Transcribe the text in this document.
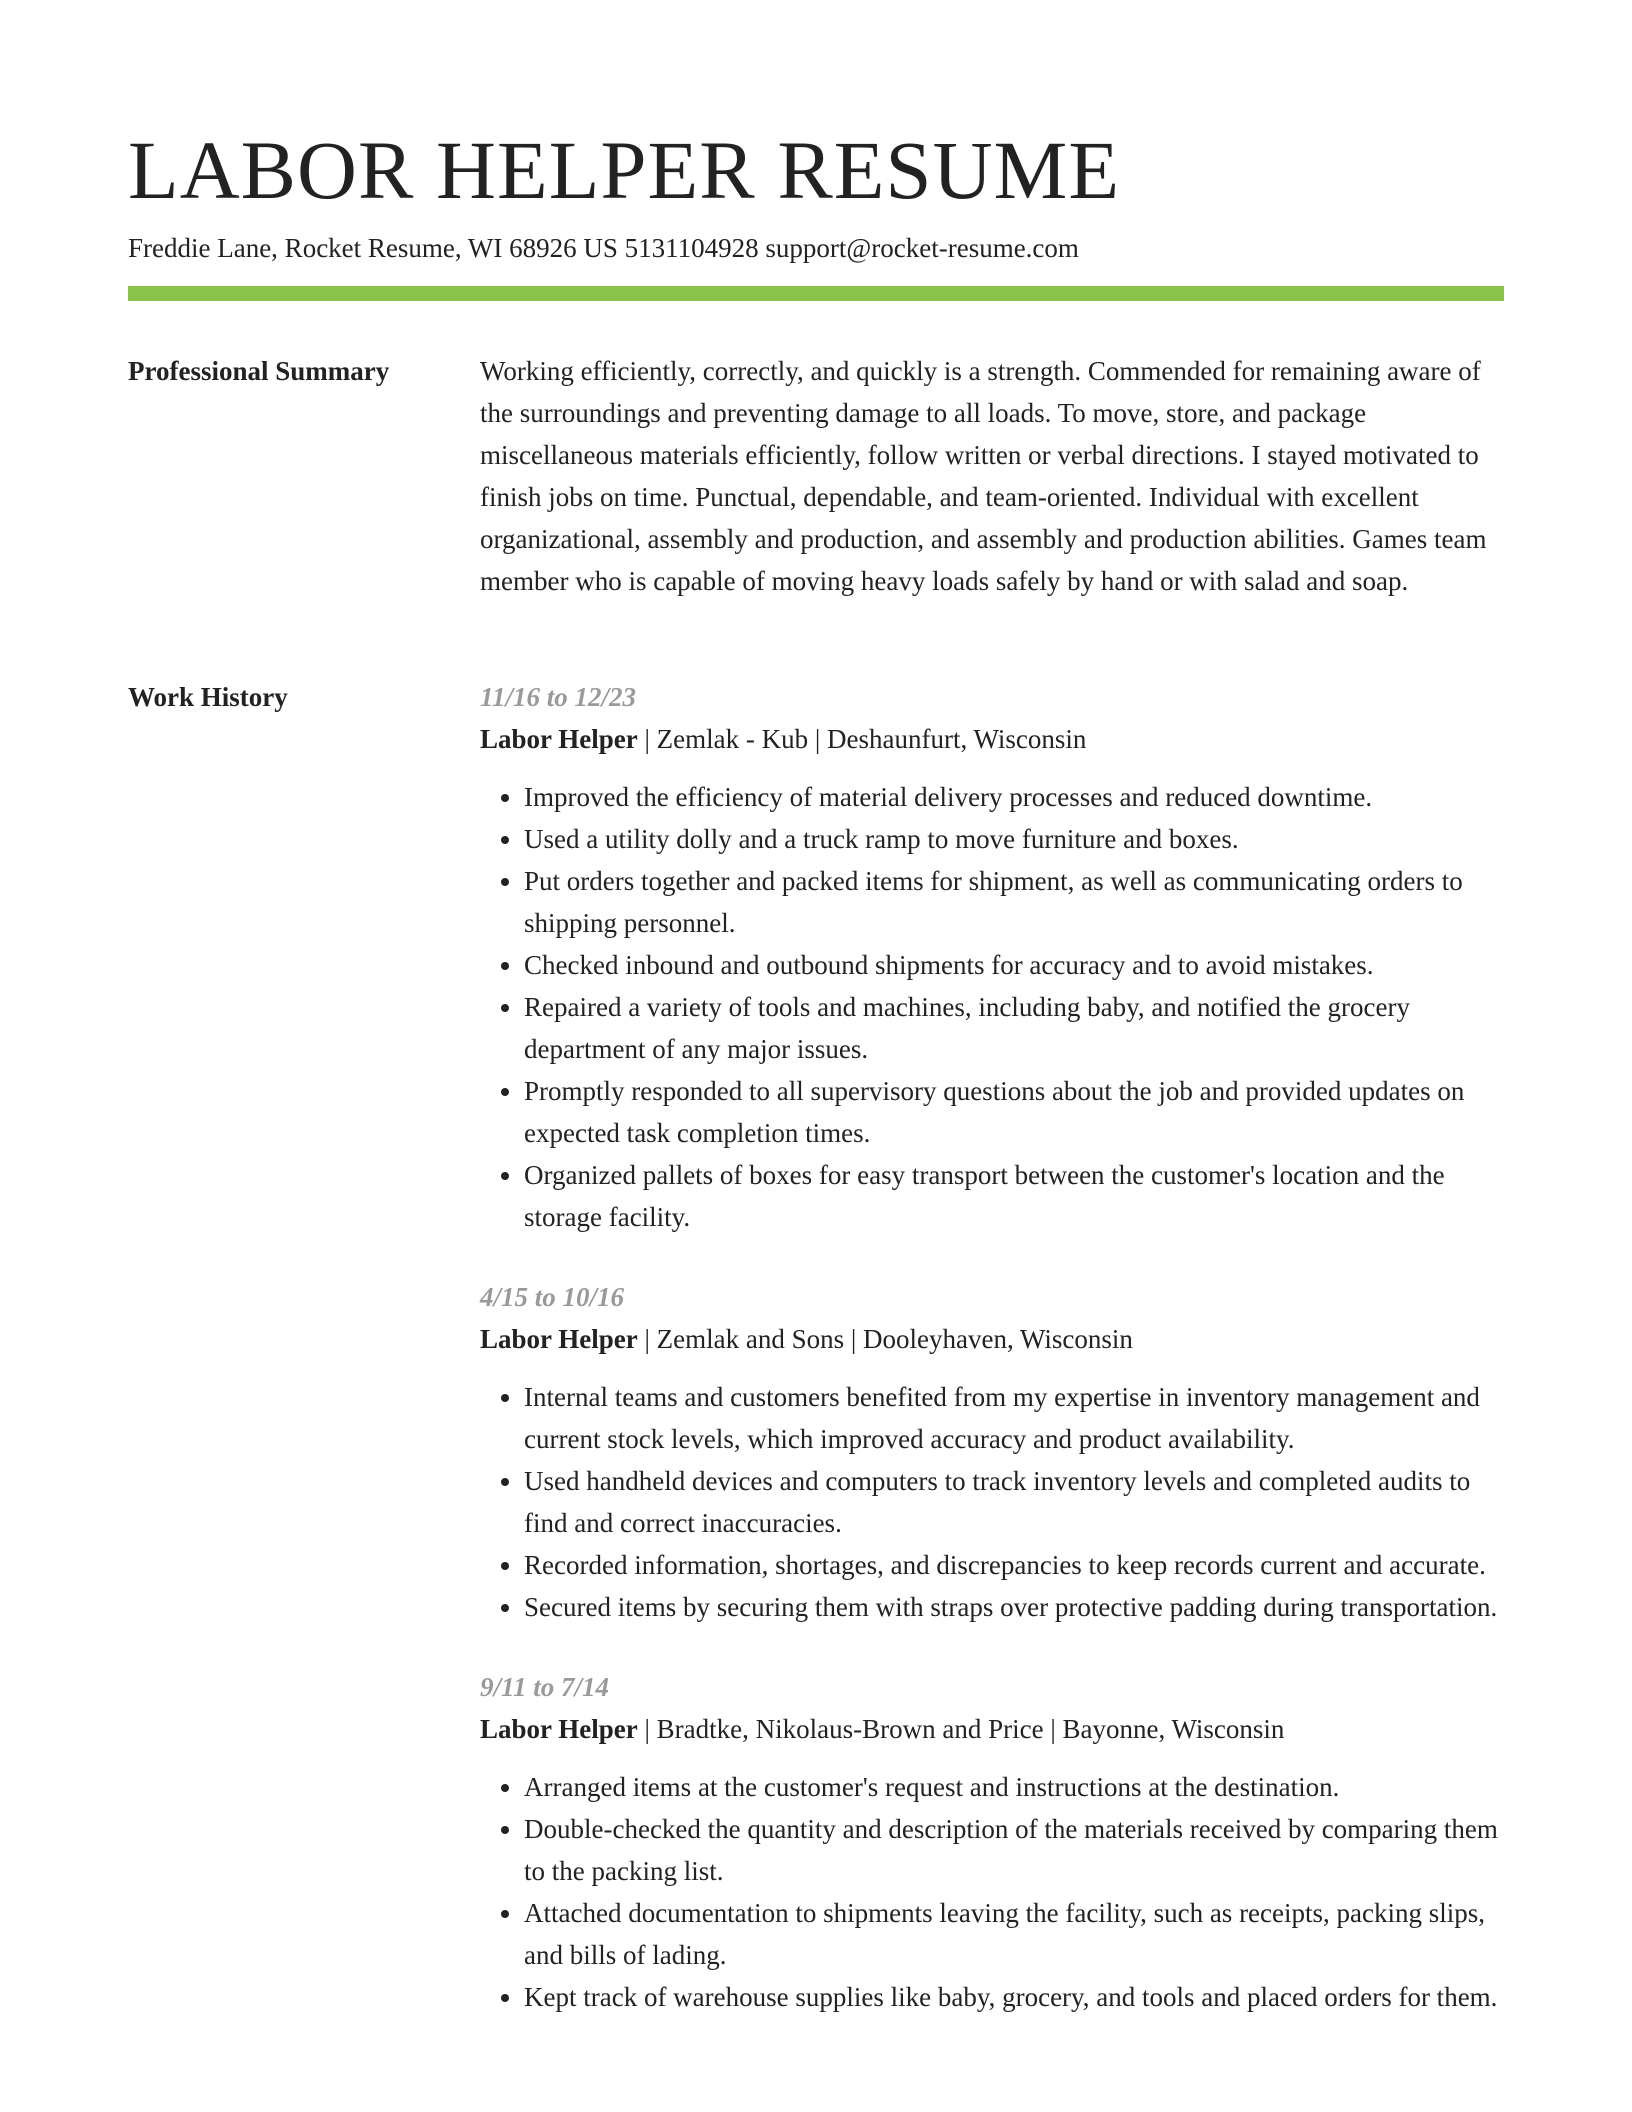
LABOR HELPER RESUME
Freddie Lane, Rocket Resume, WI 68926 US 5131104928 support@rocket-resume.com
Professional Summary	Working efficiently, correctly, and quickly is a strength. Commended for remaining aware of the surroundings and preventing damage to all loads. To move, store, and package miscellaneous materials efficiently, follow written or verbal directions. I stayed motivated to finish jobs on time. Punctual, dependable, and team-oriented. Individual with excellent organizational, assembly and production, and assembly and production abilities. Games team member who is capable of moving heavy loads safely by hand or with salad and soap.

Work History	11/16 to 12/23
Labor Helper | Zemlak - Kub | Deshaunfurt, Wisconsin
• Improved the efficiency of material delivery processes and reduced downtime.
• Used a utility dolly and a truck ramp to move furniture and boxes.
• Put orders together and packed items for shipment, as well as communicating orders to shipping personnel.
• Checked inbound and outbound shipments for accuracy and to avoid mistakes.
• Repaired a variety of tools and machines, including baby, and notified the grocery department of any major issues.
• Promptly responded to all supervisory questions about the job and provided updates on expected task completion times.
• Organized pallets of boxes for easy transport between the customer's location and the storage facility.
4/15 to 10/16
Labor Helper | Zemlak and Sons | Dooleyhaven, Wisconsin
• Internal teams and customers benefited from my expertise in inventory management and current stock levels, which improved accuracy and product availability.
• Used handheld devices and computers to track inventory levels and completed audits to find and correct inaccuracies.
• Recorded information, shortages, and discrepancies to keep records current and accurate.
• Secured items by securing them with straps over protective padding during transportation.
9/11 to 7/14
Labor Helper | Bradtke, Nikolaus-Brown and Price | Bayonne, Wisconsin
• Arranged items at the customer's request and instructions at the destination.
• Double-checked the quantity and description of the materials received by comparing them to the packing list.
• Attached documentation to shipments leaving the facility, such as receipts, packing slips, and bills of lading.
• Kept track of warehouse supplies like baby, grocery, and tools and placed orders for them.
